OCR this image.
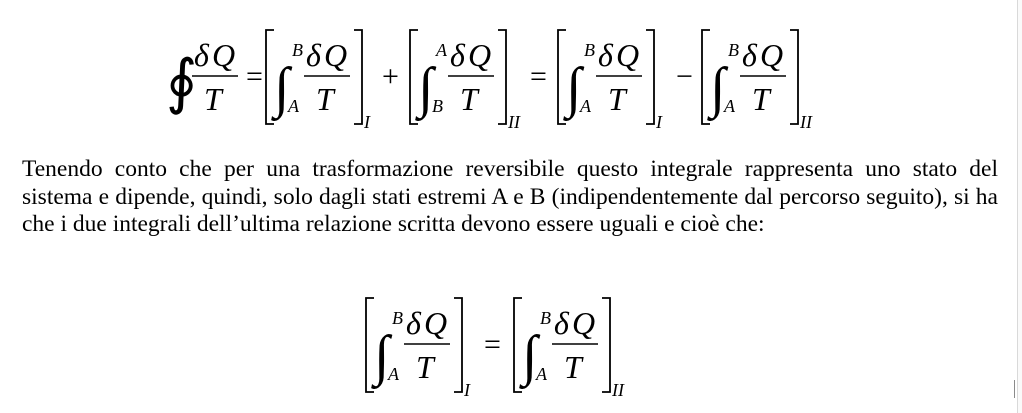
∮
δ Q
T
= ∫
B
A
δ Q
T
I
+ ∫
A
B
δ Q
T
II
= ∫
B
A
δ Q
T
I
− ∫
B
A
δ Q
T
II

Tenendo conto che per una trasformazione reversibile questo integrale rappresenta uno stato del sistema e dipende, quindi, solo dagli stati estremi A e B (indipendentemente dal percorso seguito), si ha che i due integrali dell’ultima relazione scritta devono essere uguali e cioè che:

∫
B
A
δ Q
T
I
= ∫
B
A
δ Q
T
II
